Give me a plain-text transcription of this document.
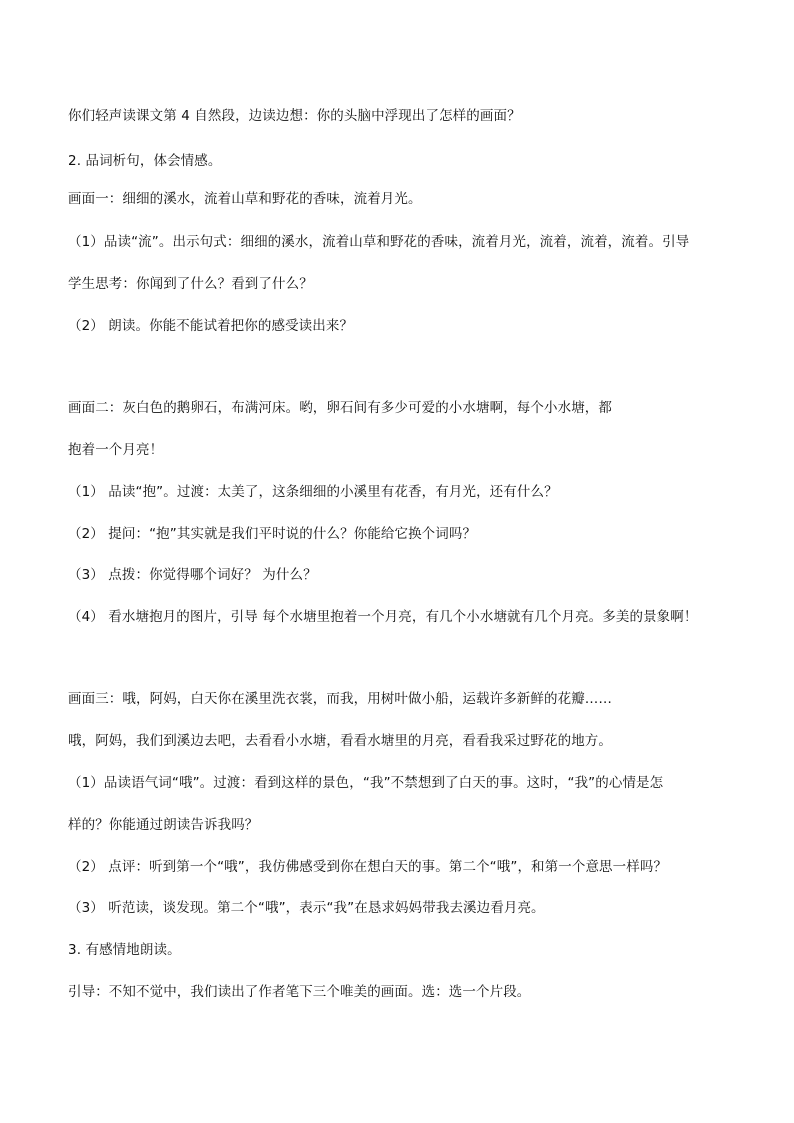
你们轻声读课文第 4 自然段，边读边想：你的头脑中浮现出了怎样的画面？
2. 品词析句，体会情感。
画面一：细细的溪水，流着山草和野花的香味，流着月光。
（1）品读“流”。出示句式：细细的溪水，流着山草和野花的香味，流着月光，流着，流着，流着。引导
学生思考：你闻到了什么？看到了什么？
（2） 朗读。你能不能试着把你的感受读出来？
画面二：灰白色的鹅卵石，布满河床。哟，卵石间有多少可爱的小水塘啊，每个小水塘，都
抱着一个月亮！
（1） 品读“抱”。过渡：太美了，这条细细的小溪里有花香，有月光，还有什么？
（2） 提问：“抱”其实就是我们平时说的什么？你能给它换个词吗？
（3） 点拨：你觉得哪个词好？ 为什么？
（4） 看水塘抱月的图片，引导 每个水塘里抱着一个月亮，有几个小水塘就有几个月亮。多美的景象啊！
画面三：哦，阿妈，白天你在溪里洗衣裳，而我，用树叶做小船，运载许多新鲜的花瓣……
哦，阿妈，我们到溪边去吧，去看看小水塘，看看水塘里的月亮，看看我采过野花的地方。
（1）品读语气词“哦”。过渡：看到这样的景色，“我”不禁想到了白天的事。这时，“我”的心情是怎
样的？你能通过朗读告诉我吗？
（2） 点评：听到第一个“哦”，我仿佛感受到你在想白天的事。第二个“哦”，和第一个意思一样吗？
（3） 听范读，谈发现。第二个“哦”，表示“我”在恳求妈妈带我去溪边看月亮。
3. 有感情地朗读。
引导：不知不觉中，我们读出了作者笔下三个唯美的画面。选：选一个片段。
